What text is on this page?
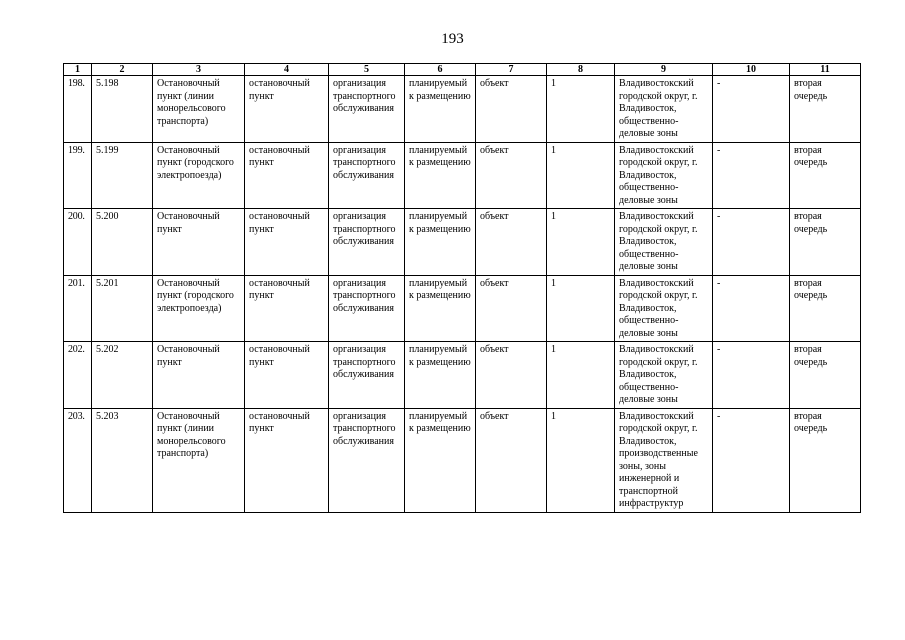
193
1	2	3	4	5	6	7	8	9	10	11
198.	5.198	Остановочный пункт (линии монорельсового транспорта)	остановочный пункт	организация транспортного обслуживания	планируемый к размещению	объект	1	Владивостокский городской округ, г. Владивосток, общественно-деловые зоны	-	вторая очередь
199.	5.199	Остановочный пункт (городского электропоезда)	остановочный пункт	организация транспортного обслуживания	планируемый к размещению	объект	1	Владивостокский городской округ, г. Владивосток, общественно-деловые зоны	-	вторая очередь
200.	5.200	Остановочный пункт	остановочный пункт	организация транспортного обслуживания	планируемый к размещению	объект	1	Владивостокский городской округ, г. Владивосток, общественно-деловые зоны	-	вторая очередь
201.	5.201	Остановочный пункт (городского электропоезда)	остановочный пункт	организация транспортного обслуживания	планируемый к размещению	объект	1	Владивостокский городской округ, г. Владивосток, общественно-деловые зоны	-	вторая очередь
202.	5.202	Остановочный пункт	остановочный пункт	организация транспортного обслуживания	планируемый к размещению	объект	1	Владивостокский городской округ, г. Владивосток, общественно-деловые зоны	-	вторая очередь
203.	5.203	Остановочный пункт (линии монорельсового транспорта)	остановочный пункт	организация транспортного обслуживания	планируемый к размещению	объект	1	Владивостокский городской округ, г. Владивосток, производственные зоны, зоны инженерной и транспортной инфраструктур	-	вторая очередь
